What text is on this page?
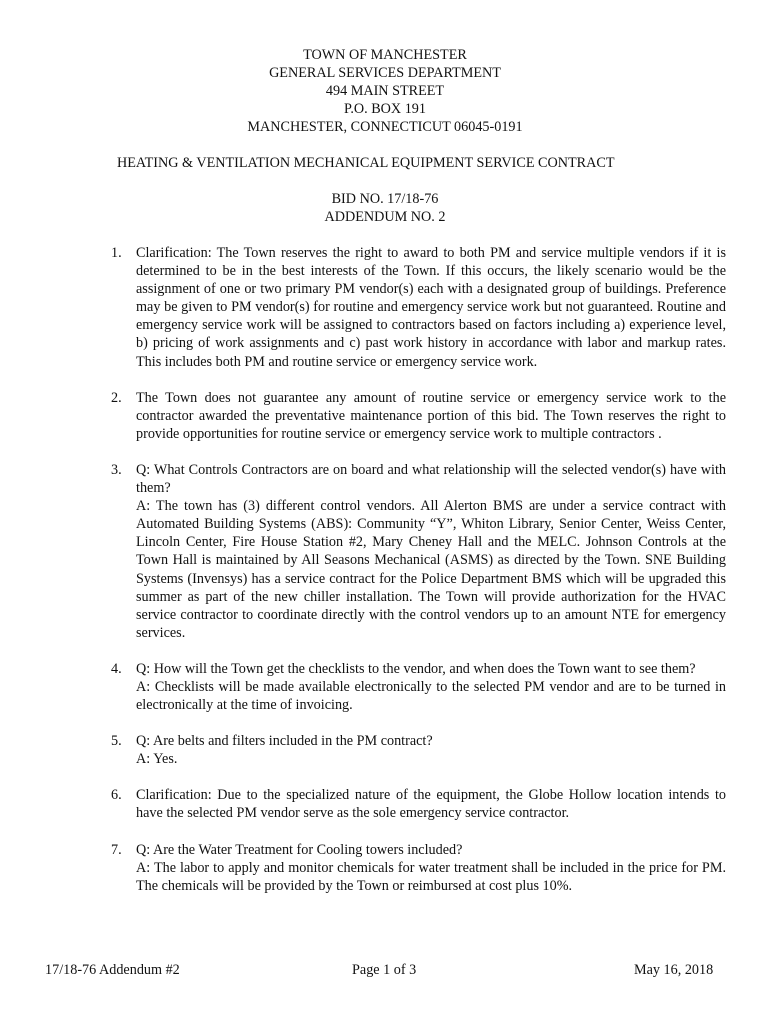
TOWN OF MANCHESTER
GENERAL SERVICES DEPARTMENT
494 MAIN STREET
P.O. BOX 191
MANCHESTER, CONNECTICUT 06045-0191
HEATING & VENTILATION MECHANICAL EQUIPMENT SERVICE CONTRACT
BID NO. 17/18-76
ADDENDUM NO. 2
1. Clarification: The Town reserves the right to award to both PM and service multiple vendors if it is determined to be in the best interests of the Town. If this occurs, the likely scenario would be the assignment of one or two primary PM vendor(s) each with a designated group of buildings. Preference may be given to PM vendor(s) for routine and emergency service work but not guaranteed. Routine and emergency service work will be assigned to contractors based on factors including a) experience level, b) pricing of work assignments and c) past work history in accordance with labor and markup rates. This includes both PM and routine service or emergency service work.
2. The Town does not guarantee any amount of routine service or emergency service work to the contractor awarded the preventative maintenance portion of this bid. The Town reserves the right to provide opportunities for routine service or emergency service work to multiple contractors .
3. Q: What Controls Contractors are on board and what relationship will the selected vendor(s) have with them?
A: The town has (3) different control vendors. All Alerton BMS are under a service contract with Automated Building Systems (ABS): Community “Y”, Whiton Library, Senior Center, Weiss Center, Lincoln Center, Fire House Station #2, Mary Cheney Hall and the MELC. Johnson Controls at the Town Hall is maintained by All Seasons Mechanical (ASMS) as directed by the Town. SNE Building Systems (Invensys) has a service contract for the Police Department BMS which will be upgraded this summer as part of the new chiller installation. The Town will provide authorization for the HVAC service contractor to coordinate directly with the control vendors up to an amount NTE for emergency services.
4. Q: How will the Town get the checklists to the vendor, and when does the Town want to see them?
A: Checklists will be made available electronically to the selected PM vendor and are to be turned in electronically at the time of invoicing.
5. Q: Are belts and filters included in the PM contract?
A: Yes.
6. Clarification: Due to the specialized nature of the equipment, the Globe Hollow location intends to have the selected PM vendor serve as the sole emergency service contractor.
7. Q: Are the Water Treatment for Cooling towers included?
A: The labor to apply and monitor chemicals for water treatment shall be included in the price for PM. The chemicals will be provided by the Town or reimbursed at cost plus 10%.
17/18-76 Addendum #2	Page 1 of 3	May 16, 2018
